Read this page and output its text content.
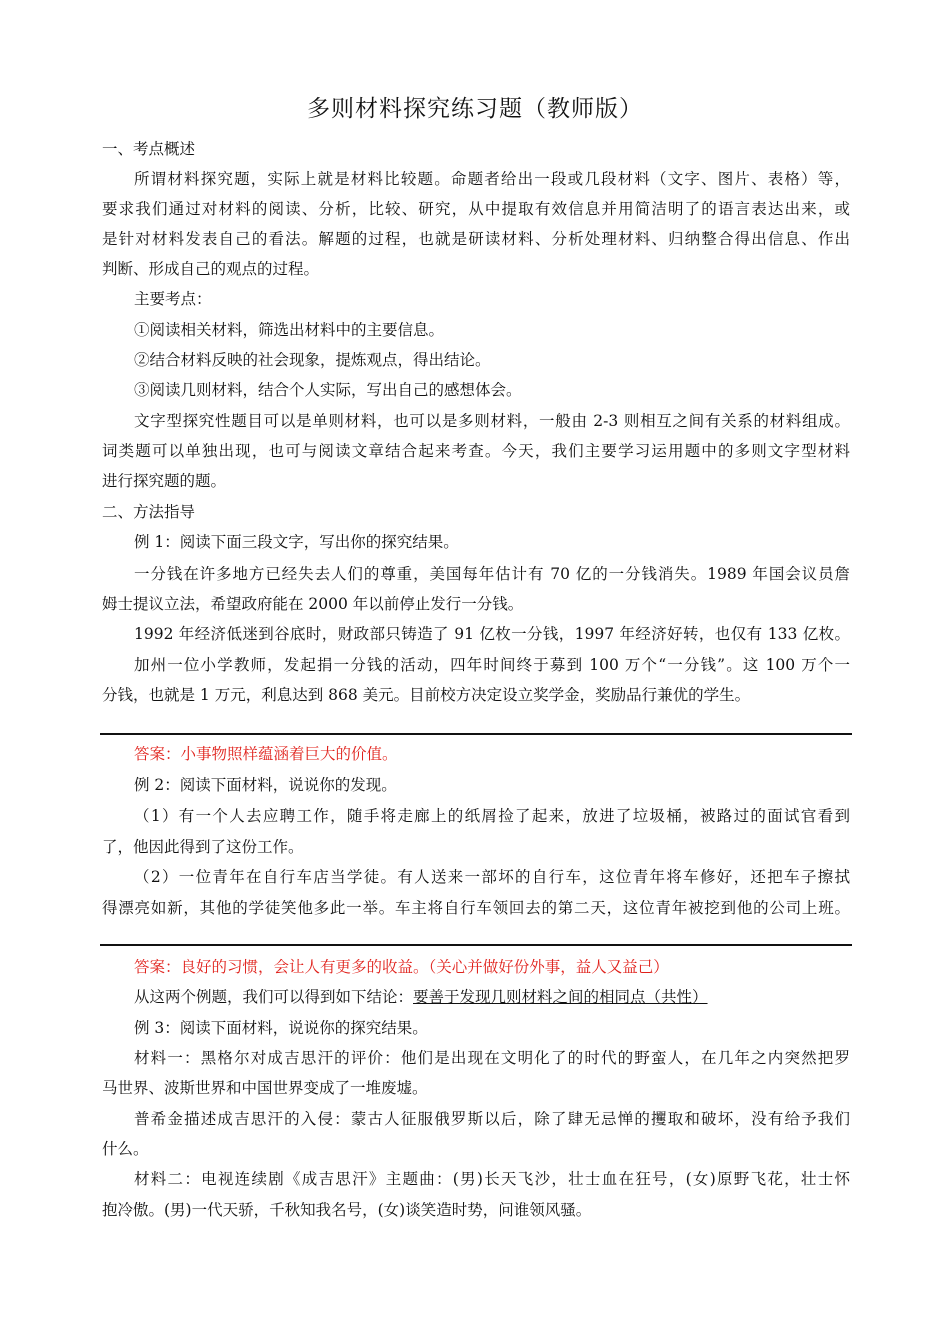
多则材料探究练习题（教师版）
一、考点概述
所谓材料探究题，实际上就是材料比较题。命题者给出一段或几段材料（文字、图片、表格）等，
要求我们通过对材料的阅读、分析，比较、研究，从中提取有效信息并用简洁明了的语言表达出来，或
是针对材料发表自己的看法。解题的过程，也就是研读材料、分析处理材料、归纳整合得出信息、作出
判断、形成自己的观点的过程。
主要考点：
①阅读相关材料，筛选出材料中的主要信息。
②结合材料反映的社会现象，提炼观点，得出结论。
③阅读几则材料，结合个人实际，写出自己的感想体会。
文字型探究性题目可以是单则材料，也可以是多则材料，一般由 2-3 则相互之间有关系的材料组成。
词类题可以单独出现，也可与阅读文章结合起来考查。今天，我们主要学习运用题中的多则文字型材料
进行探究题的题。
二、方法指导
例 1：阅读下面三段文字，写出你的探究结果。
一分钱在许多地方已经失去人们的尊重，美国每年估计有 70 亿的一分钱消失。1989 年国会议员詹
姆士提议立法，希望政府能在 2000 年以前停止发行一分钱。
1992 年经济低迷到谷底时，财政部只铸造了 91 亿枚一分钱，1997 年经济好转，也仅有 133 亿枚。
加州一位小学教师，发起捐一分钱的活动，四年时间终于募到 100 万个“一分钱”。这 100 万个一
分钱，也就是 1 万元，利息达到 868 美元。目前校方决定设立奖学金，奖励品行兼优的学生。
答案：小事物照样蕴涵着巨大的价值。
例 2：阅读下面材料，说说你的发现。
（1）有一个人去应聘工作，随手将走廊上的纸屑捡了起来，放进了垃圾桶，被路过的面试官看到
了，他因此得到了这份工作。
（2）一位青年在自行车店当学徒。有人送来一部坏的自行车，这位青年将车修好，还把车子擦拭
得漂亮如新，其他的学徒笑他多此一举。车主将自行车领回去的第二天，这位青年被挖到他的公司上班。
答案：良好的习惯，会让人有更多的收益。（关心并做好份外事，益人又益己）
从这两个例题，我们可以得到如下结论：要善于发现几则材料之间的相同点（共性）
例 3：阅读下面材料，说说你的探究结果。
材料一：黑格尔对成吉思汗的评价：他们是出现在文明化了的时代的野蛮人，在几年之内突然把罗
马世界、波斯世界和中国世界变成了一堆废墟。
普希金描述成吉思汗的入侵：蒙古人征服俄罗斯以后，除了肆无忌惮的攫取和破坏，没有给予我们
什么。
材料二：电视连续剧《成吉思汗》主题曲：(男)长天飞沙，壮士血在狂号，(女)原野飞花，壮士怀
抱冷傲。(男)一代天骄，千秋知我名号，(女)谈笑造时势，问谁领风骚。
